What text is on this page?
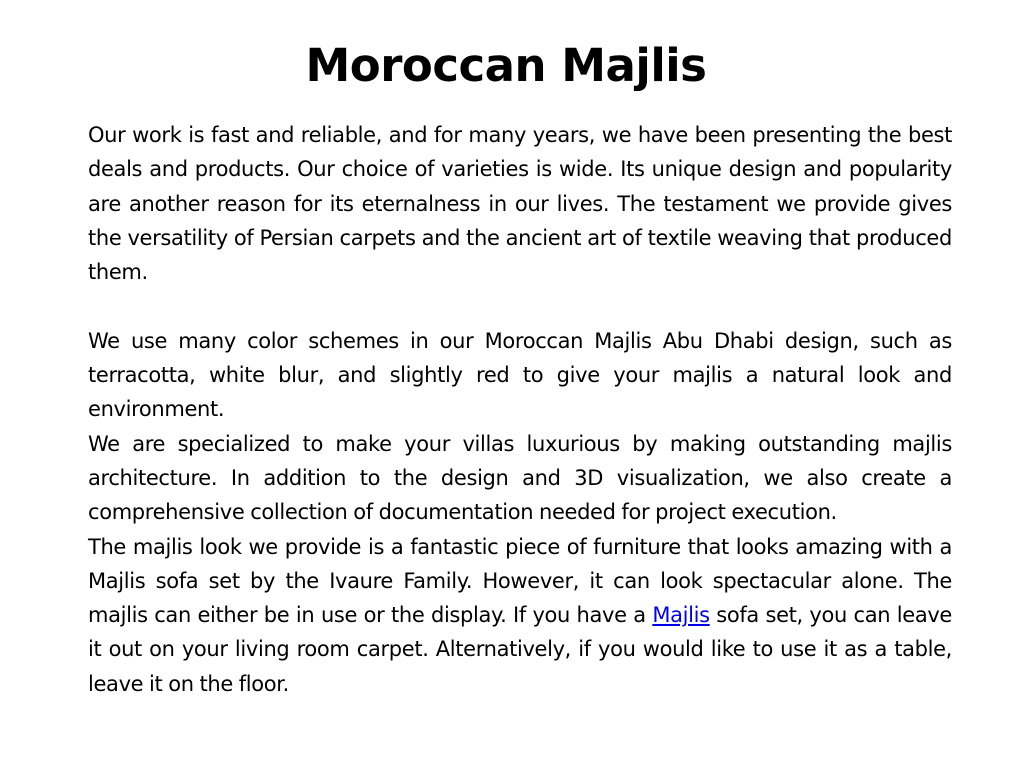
Moroccan Majlis

Our work is fast and reliable, and for many years, we have been presenting the best deals and products. Our choice of varieties is wide. Its unique design and popularity are another reason for its eternalness in our lives. The testament we provide gives the versatility of Persian carpets and the ancient art of textile weaving that produced them.

We use many color schemes in our Moroccan Majlis Abu Dhabi design, such as terracotta, white blur, and slightly red to give your majlis a natural look and environment.

We are specialized to make your villas luxurious by making outstanding majlis architecture. In addition to the design and 3D visualization, we also create a comprehensive collection of documentation needed for project execution.

The majlis look we provide is a fantastic piece of furniture that looks amazing with a Majlis sofa set by the Ivaure Family. However, it can look spectacular alone. The majlis can either be in use or the display. If you have a Majlis sofa set, you can leave it out on your living room carpet. Alternatively, if you would like to use it as a table, leave it on the floor.
